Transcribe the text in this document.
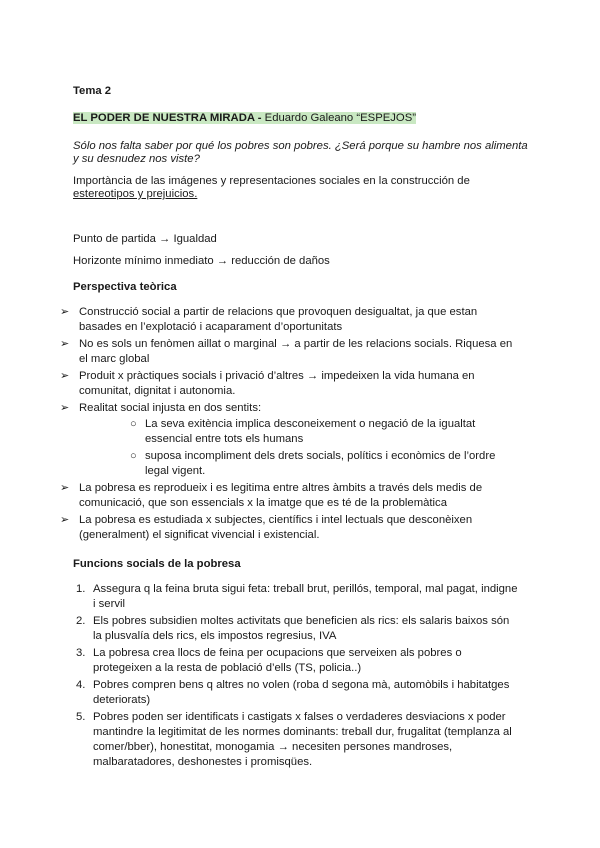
Tema 2
EL PODER DE NUESTRA MIRADA - Eduardo Galeano “ESPEJOS”
Sólo nos falta saber por qué los pobres son pobres. ¿Será porque su hambre nos alimenta
y su desnudez nos viste?
Importància de las imágenes y representaciones sociales en la construcción de
estereotipos y prejuicios.
Punto de partida → Igualdad
Horizonte mínimo inmediato → reducción de daños
Perspectiva teòrica
➢ Construcció social a partir de relacions que provoquen desigualtat, ja que estan
basades en l’explotació i acaparament d’oportunitats
➢ No es sols un fenòmen aillat o marginal → a partir de les relacions socials. Riquesa en
el marc global
➢ Produit x pràctiques socials i privació d’altres → impedeixen la vida humana en
comunitat, dignitat i autonomia.
➢ Realitat social injusta en dos sentits:
○ La seva exitència implica desconeixement o negació de la igualtat
essencial entre tots els humans
○ suposa incompliment dels drets socials, polítics i econòmics de l’ordre
legal vigent.
➢ La pobresa es reprodueix i es legitima entre altres àmbits a través dels medis de
comunicació, que son essencials x la imatge que es té de la problemàtica
➢ La pobresa es estudiada x subjectes, científics i intel lectuals que desconèixen
(generalment) el significat vivencial i existencial.
Funcions socials de la pobresa
1. Assegura q la feina bruta sigui feta: treball brut, perillós, temporal, mal pagat, indigne
i servil
2. Els pobres subsidien moltes activitats que beneficien als rics: els salaris baixos són
la plusvalía dels rics, els impostos regresius, IVA
3. La pobresa crea llocs de feina per ocupacions que serveixen als pobres o
protegeixen a la resta de població d’ells (TS, policia..)
4. Pobres compren bens q altres no volen (roba d segona mà, automòbils i habitatges
deteriorats)
5. Pobres poden ser identificats i castigats x falses o verdaderes desviacions x poder
mantindre la legitimitat de les normes dominants: treball dur, frugalitat (templanza al
comer/bber), honestitat, monogamia → necesiten persones mandroses,
malbaratadores, deshonestes i promisqües.
